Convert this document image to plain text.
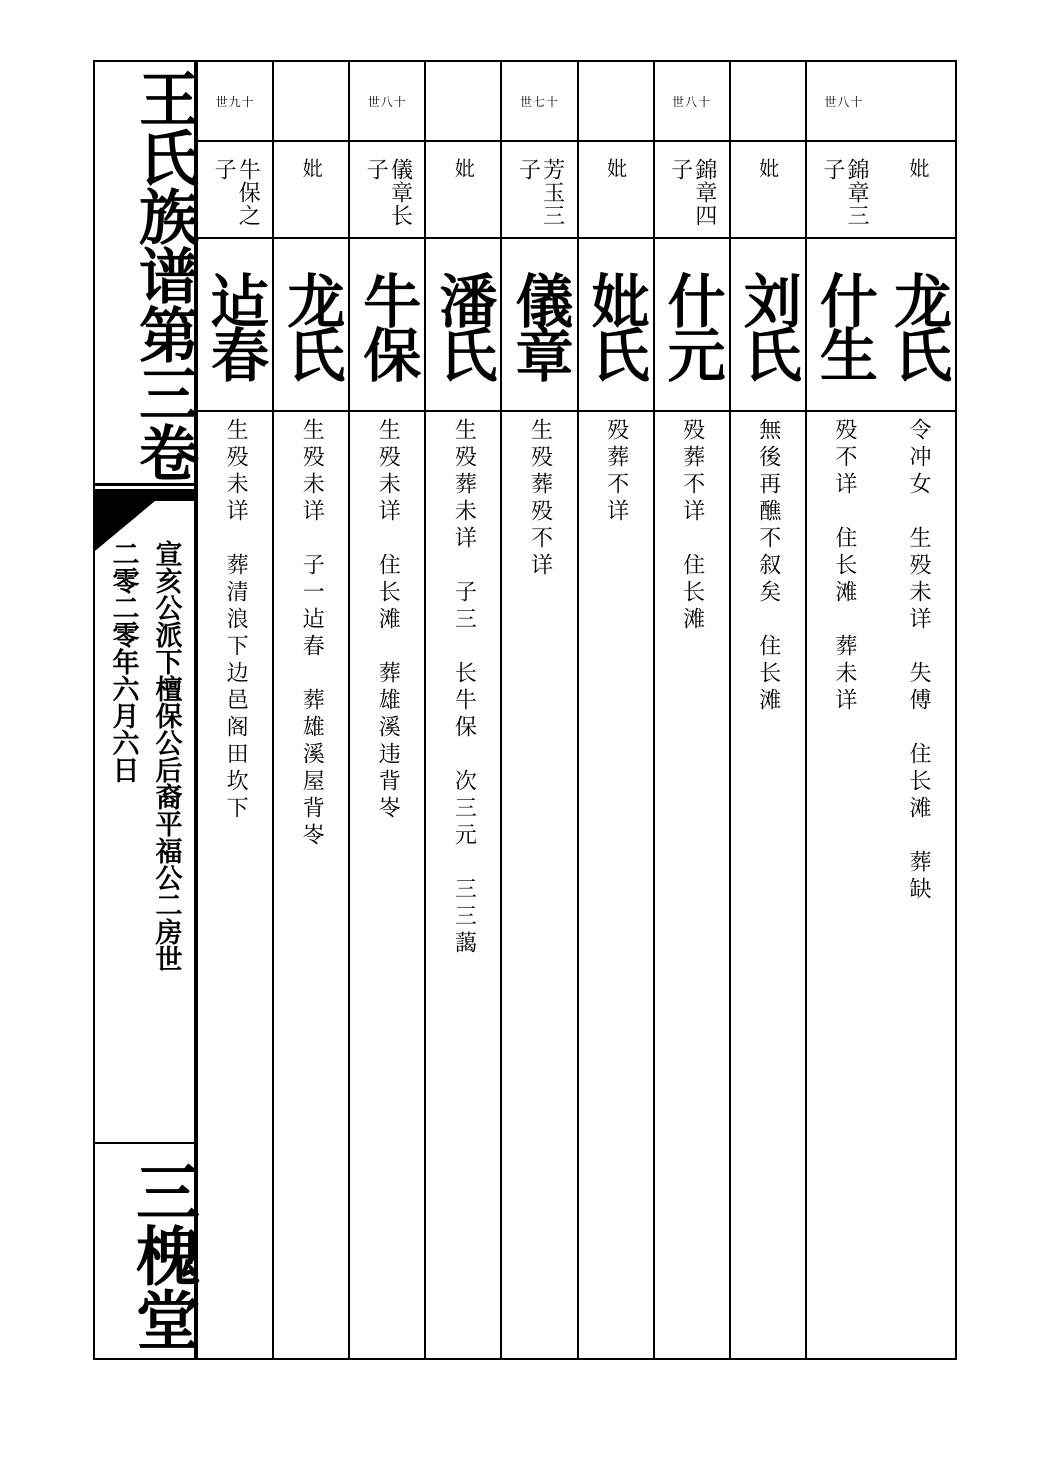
王氏族谱第三卷
宣亥公派下檀保公后裔平福公二房世
二零二零年六月六日
三槐堂
妣
龙氏
令冲女　生殁未详　失傅　住长滩　葬缺
世八十
錦章三子
什生
殁不详　住长滩　葬未详
妣
刘氏
無後再醮不叙矣　住长滩
世八十
錦章四子
什元
殁葬不详　住长滩
妣
妣氏
殁葬不详
世七十
芳玉三子
儀章
生殁葬殁不详
妣
潘氏
生殁葬未详　子三　长牛保　次三元　三三藹
世八十
儀章长子
牛保
生殁未详　住长滩　葬雄溪违背岺
妣
龙氏
生殁未详　子一迠春　葬雄溪屋背岺
世九十
牛保之子
迠春
生殁未详　葬清浪下边邑阁田坎下
